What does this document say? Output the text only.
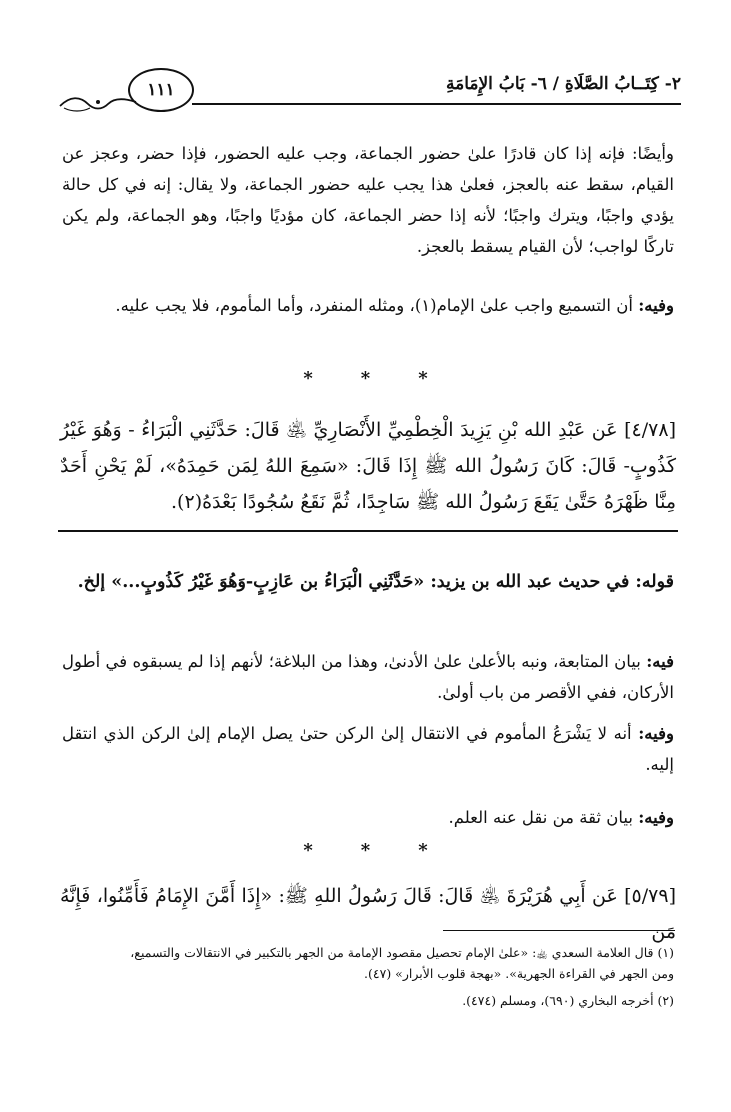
٢- كِتَــابُ الصَّلَاةِ / ٦- بَابُ الإِمَامَةِ
١١١
وأيضًا: فإنه إذا كان قادرًا علىٰ حضور الجماعة، وجب عليه الحضور، فإذا حضر، وعجز عن القيام، سقط عنه بالعجز، فعلىٰ هذا يجب عليه حضور الجماعة، ولا يقال: إنه في كل حالة يؤدي واجبًا، ويترك واجبًا؛ لأنه إذا حضر الجماعة، كان مؤديًا واجبًا، وهو الجماعة، ولم يكن تاركًا لواجب؛ لأن القيام يسقط بالعجز.
وفيه: أن التسميع واجب علىٰ الإمام(١)، ومثله المنفرد، وأما المأموم، فلا يجب عليه.
*	*	*
[٤/٧٨] عَن عَبْدِ الله بْنِ يَزِيدَ الْخِطْمِيِّ الأَنْصَارِيِّ ﵁ قَالَ: حَدَّثَنِي الْبَرَاءُ - وَهُوَ غَيْرُ كَذُوبٍ- قَالَ: كَانَ رَسُولُ الله ﷺ إِذَا قَالَ: «سَمِعَ اللهُ لِمَن حَمِدَهُ»، لَمْ يَحْنِ أَحَدٌ مِنَّا ظَهْرَهُ حَتَّىٰ يَقَعَ رَسُولُ الله ﷺ سَاجِدًا، ثُمَّ نَقَعُ سُجُودًا بَعْدَهُ(٢).
قوله: في حديث عبد الله بن يزيد: «حَدَّثَنِي الْبَرَاءُ بن عَازِبٍ-وَهُوَ غَيْرُ كَذُوبٍ...» إلخ.
فيه: بيان المتابعة، ونبه بالأعلىٰ علىٰ الأدنىٰ، وهذا من البلاغة؛ لأنهم إذا لم يسبقوه في أطول الأركان، ففي الأقصر من باب أولىٰ.
وفيه: أنه لا يَشْرَعُ المأموم في الانتقال إلىٰ الركن حتىٰ يصل الإمام إلىٰ الركن الذي انتقل إليه.
وفيه: بيان ثقة من نقل عنه العلم.
*	*	*
[٥/٧٩] عَن أَبِي هُرَيْرَةَ ﵁ قَالَ: قَالَ رَسُولُ اللهِ ﷺ: «إِذَا أَمَّنَ الإِمَامُ فَأَمِّنُوا، فَإِنَّهُ مَن
(١) قال العلامة السعدي ﵀: «علىٰ الإمام تحصيل مقصود الإمامة من الجهر بالتكبير في الانتقالات والتسميع،
ومن الجهر في القراءة الجهرية». «بهجة قلوب الأبرار» (٤٧).
(٢) أخرجه البخاري (٦٩٠)، ومسلم (٤٧٤).
